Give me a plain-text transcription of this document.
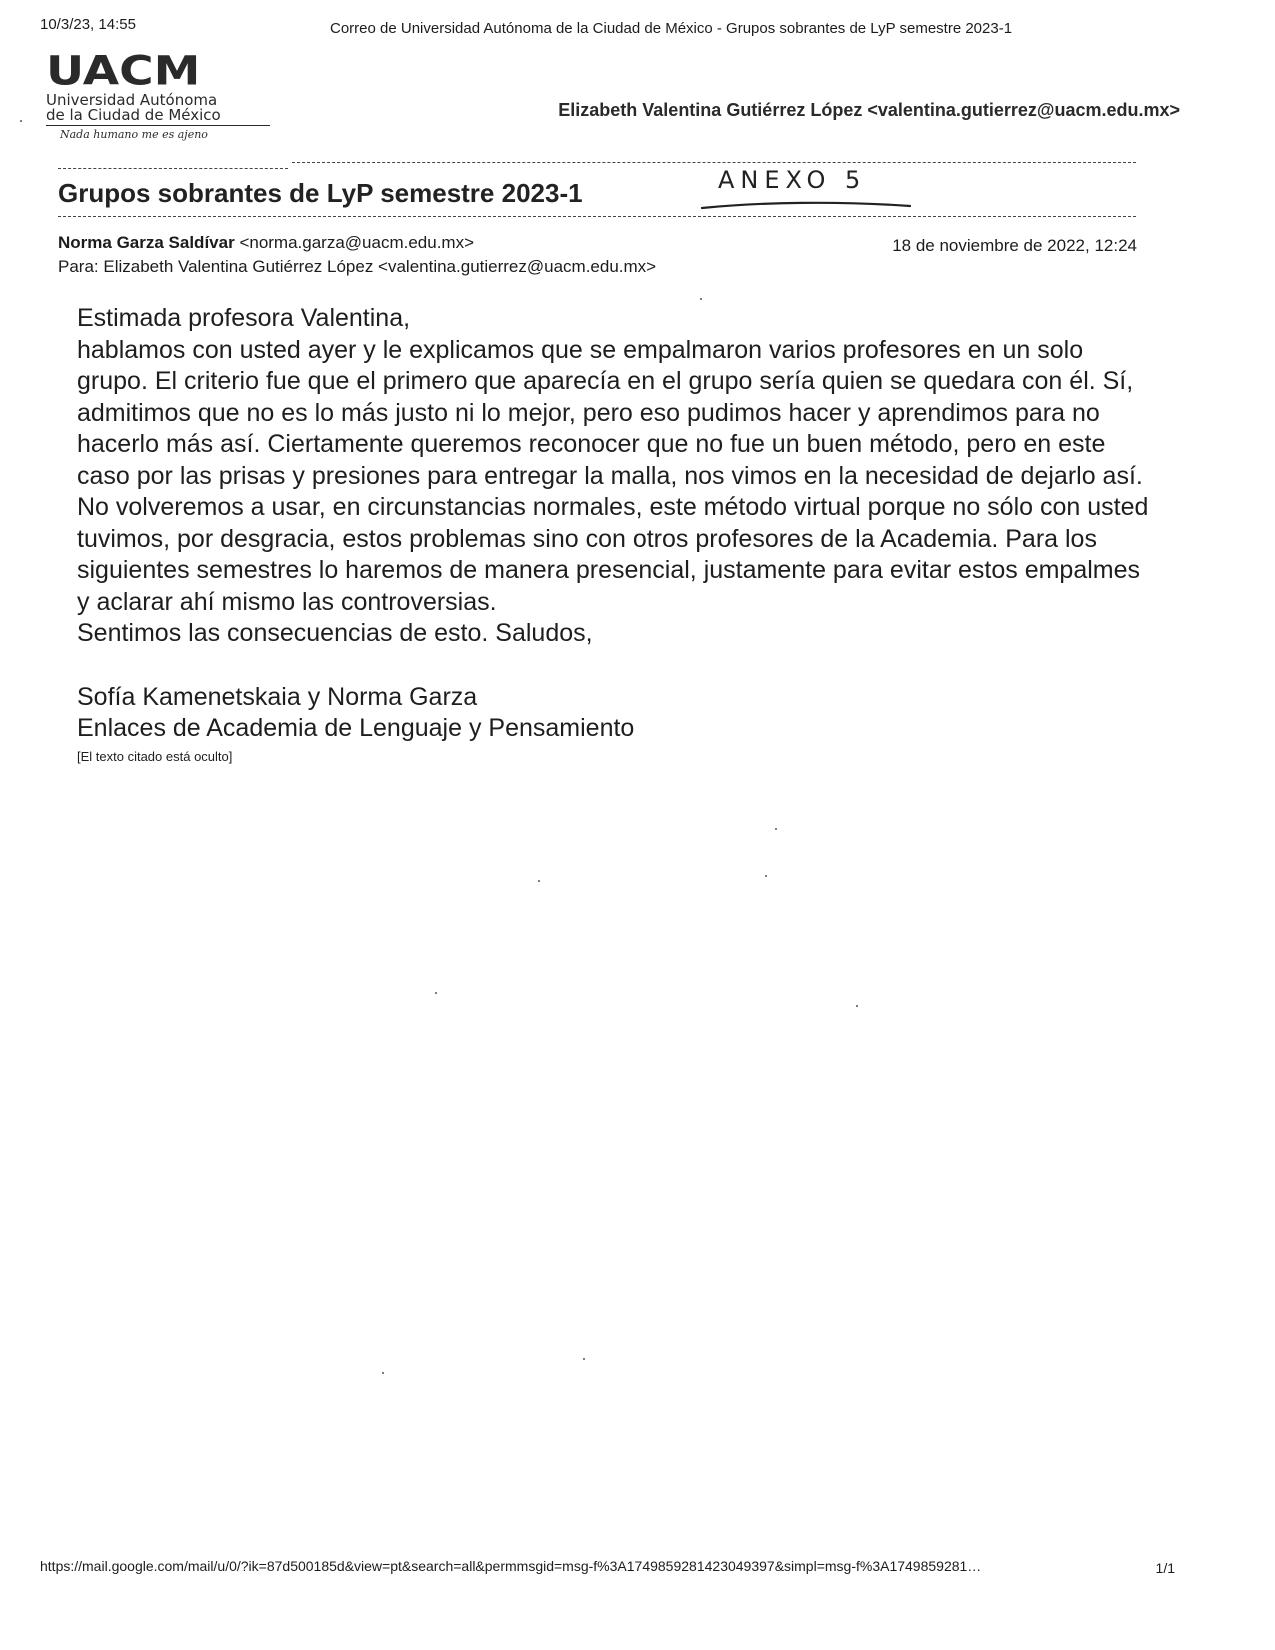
10/3/23, 14:55	Correo de Universidad Autónoma de la Ciudad de México - Grupos sobrantes de LyP semestre 2023-1
UACM
Universidad Autónoma
de la Ciudad de México
Nada humano me es ajeno
Elizabeth Valentina Gutiérrez López <valentina.gutierrez@uacm.edu.mx>
Grupos sobrantes de LyP semestre 2023-1	ANEXO 5
Norma Garza Saldívar <norma.garza@uacm.edu.mx>	18 de noviembre de 2022, 12:24
Para: Elizabeth Valentina Gutiérrez López <valentina.gutierrez@uacm.edu.mx>

Estimada profesora Valentina,

hablamos con usted ayer y le explicamos que se empalmaron varios profesores en un solo grupo. El criterio fue que el primero que aparecía en el grupo sería quien se quedara con él. Sí, admitimos que no es lo más justo ni lo mejor, pero eso pudimos hacer y aprendimos para no hacerlo más así. Ciertamente queremos reconocer que no fue un buen método, pero en este caso por las prisas y presiones para entregar la malla, nos vimos en la necesidad de dejarlo así. No volveremos a usar, en circunstancias normales, este método virtual porque no sólo con usted tuvimos, por desgracia, estos problemas sino con otros profesores de la Academia. Para los siguientes semestres lo haremos de manera presencial, justamente para evitar estos empalmes y aclarar ahí mismo las controversias.

Sentimos las consecuencias de esto. Saludos,

Sofía Kamenetskaia y Norma Garza

Enlaces de Academia de Lenguaje y Pensamiento

[El texto citado está oculto]
https://mail.google.com/mail/u/0/?ik=87d500185d&view=pt&search=all&permmsgid=msg-f%3A1749859281423049397&simpl=msg-f%3A1749859281…	1/1
